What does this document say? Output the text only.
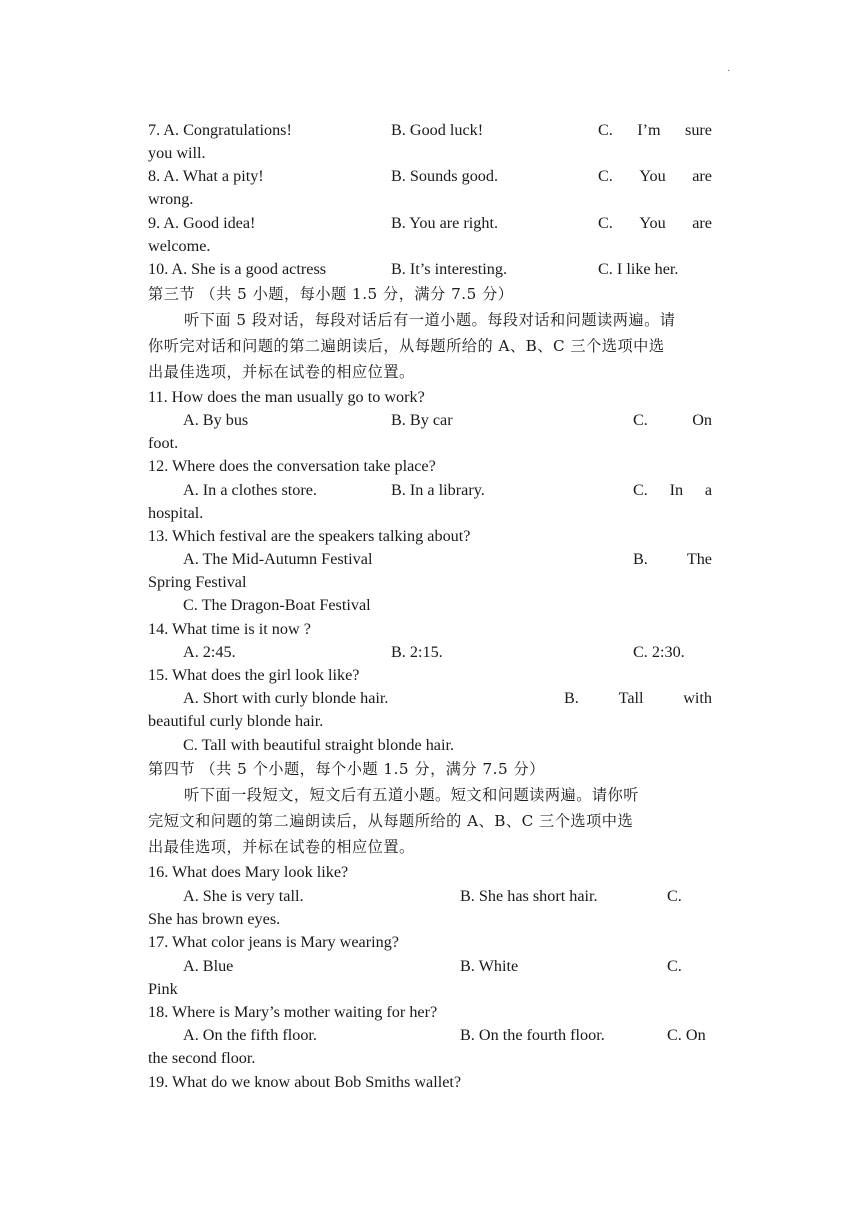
·
7. A. Congratulations!	B. Good luck!	C. I’m sure
you will.
8. A. What a pity!	B. Sounds good.	C. You are
wrong.
9. A. Good idea!	B. You are right.	C. You are
welcome.
10. A. She is a good actress	B. It’s interesting.	C. I like her.
第三节 （共 5 小题，每小题 1.5 分，满分 7.5 分）
听下面 5 段对话，每段对话后有一道小题。每段对话和问题读两遍。请
你听完对话和问题的第二遍朗读后，从每题所给的 A、B、C 三个选项中选
出最佳选项，并标在试卷的相应位置。
11. How does the man usually go to work?
A. By bus	B. By car	C.	On
foot.
12. Where does the conversation take place?
A. In a clothes store.	B. In a library.	C. In a
hospital.
13. Which festival are the speakers talking about?
A. The Mid-Autumn Festival	B. The
Spring Festival
C. The Dragon-Boat Festival
14. What time is it now ?
A. 2:45.	B. 2:15.	C. 2:30.
15. What does the girl look like?
A. Short with curly blonde hair.	B. Tall with
beautiful curly blonde hair.
C. Tall with beautiful straight blonde hair.
第四节 （共 5 个小题，每个小题 1.5 分，满分 7.5 分）
听下面一段短文，短文后有五道小题。短文和问题读两遍。请你听
完短文和问题的第二遍朗读后，从每题所给的 A、B、C 三个选项中选
出最佳选项，并标在试卷的相应位置。
16. What does Mary look like?
A. She is very tall.	B. She has short hair.	C.
She has brown eyes.
17. What color jeans is Mary wearing?
A. Blue	B. White	C.
Pink
18. Where is Mary’s mother waiting for her?
A. On the fifth floor.	B. On the fourth floor.	C. On
the second floor.
19. What do we know about Bob Smiths wallet?
